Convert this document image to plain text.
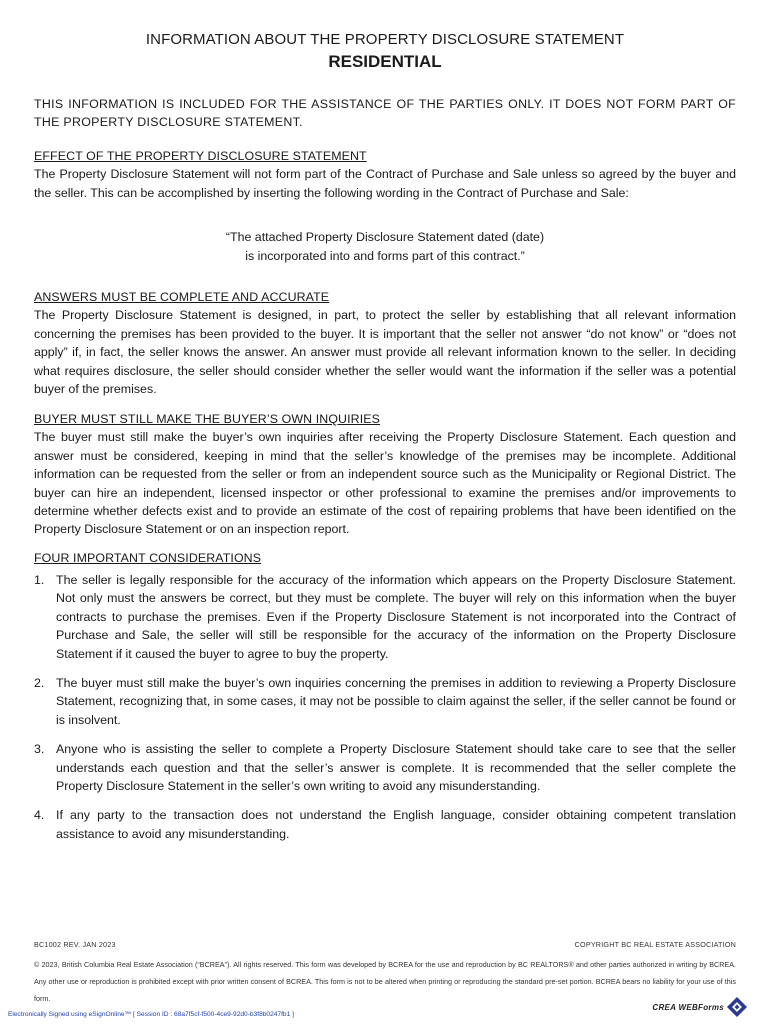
INFORMATION ABOUT THE PROPERTY DISCLOSURE STATEMENT
RESIDENTIAL
THIS INFORMATION IS INCLUDED FOR THE ASSISTANCE OF THE PARTIES ONLY. IT DOES NOT FORM PART OF THE PROPERTY DISCLOSURE STATEMENT.
EFFECT OF THE PROPERTY DISCLOSURE STATEMENT
The Property Disclosure Statement will not form part of the Contract of Purchase and Sale unless so agreed by the buyer and the seller. This can be accomplished by inserting the following wording in the Contract of Purchase and Sale:
“The attached Property Disclosure Statement dated (date)
is incorporated into and forms part of this contract.”
ANSWERS MUST BE COMPLETE AND ACCURATE
The Property Disclosure Statement is designed, in part, to protect the seller by establishing that all relevant information concerning the premises has been provided to the buyer. It is important that the seller not answer “do not know” or “does not apply” if, in fact, the seller knows the answer. An answer must provide all relevant information known to the seller. In deciding what requires disclosure, the seller should consider whether the seller would want the information if the seller was a potential buyer of the premises.
BUYER MUST STILL MAKE THE BUYER’S OWN INQUIRIES
The buyer must still make the buyer’s own inquiries after receiving the Property Disclosure Statement. Each question and answer must be considered, keeping in mind that the seller’s knowledge of the premises may be incomplete. Additional information can be requested from the seller or from an independent source such as the Municipality or Regional District. The buyer can hire an independent, licensed inspector or other professional to examine the premises and/or improvements to determine whether defects exist and to provide an estimate of the cost of repairing problems that have been identified on the Property Disclosure Statement or on an inspection report.
FOUR IMPORTANT CONSIDERATIONS
1. The seller is legally responsible for the accuracy of the information which appears on the Property Disclosure Statement. Not only must the answers be correct, but they must be complete. The buyer will rely on this information when the buyer contracts to purchase the premises. Even if the Property Disclosure Statement is not incorporated into the Contract of Purchase and Sale, the seller will still be responsible for the accuracy of the information on the Property Disclosure Statement if it caused the buyer to agree to buy the property.
2. The buyer must still make the buyer’s own inquiries concerning the premises in addition to reviewing a Property Disclosure Statement, recognizing that, in some cases, it may not be possible to claim against the seller, if the seller cannot be found or is insolvent.
3. Anyone who is assisting the seller to complete a Property Disclosure Statement should take care to see that the seller understands each question and that the seller’s answer is complete. It is recommended that the seller complete the Property Disclosure Statement in the seller’s own writing to avoid any misunderstanding.
4. If any party to the transaction does not understand the English language, consider obtaining competent translation assistance to avoid any misunderstanding.
BC1002 REV. JAN 2023	COPYRIGHT BC REAL ESTATE ASSOCIATION
© 2023, British Columbia Real Estate Association (“BCREA”). All rights reserved. This form was developed by BCREA for the use and reproduction by BC REALTORS® and other parties authorized in writing by BCREA. Any other use or reproduction is prohibited except with prior written consent of BCREA. This form is not to be altered when printing or reproducing the standard pre-set portion. BCREA bears no liability for your use of this form.
Electronically Signed using eSignOnline™ [ Session ID : 68a7f5cf-f500-4ce9-92d0-b3f8b0247fb1 ]
CREA WEBForms
